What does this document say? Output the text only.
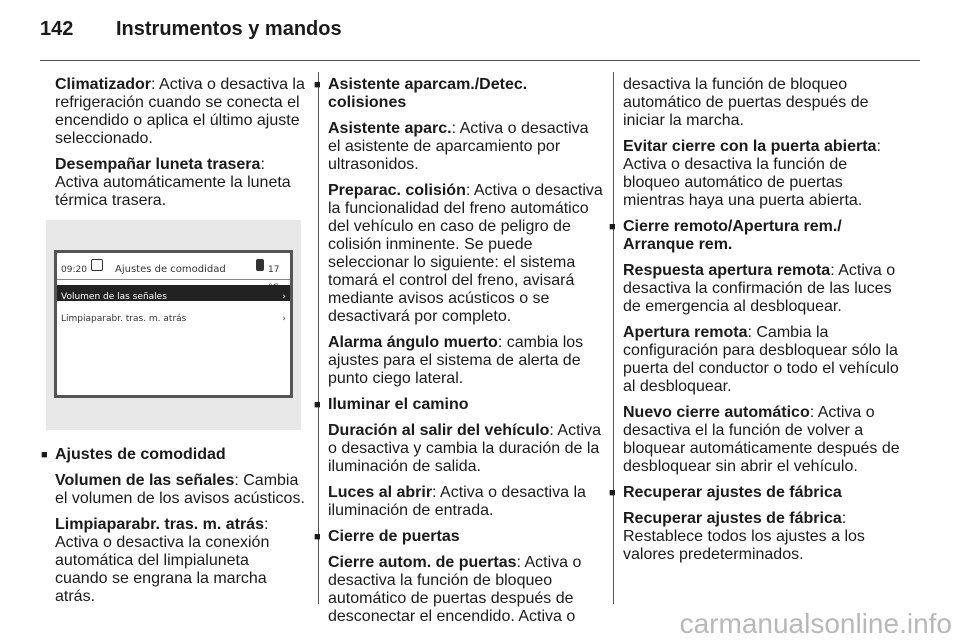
142 Instrumentos y mandos

Climatizador: Activa o desactiva la refrigeración cuando se conecta el encendido o aplica el último ajuste seleccionado.

Desempañar luneta trasera: Activa automáticamente la luneta térmica trasera.

09:20	Ajustes de comodidad	17
Volumen de las señales	›
Limpiaparabr. tras. m. atrás	›
■ Ajustes de comodidad

Volumen de las señales: Cambia el volumen de los avisos acústicos.

Limpiaparabr. tras. m. atrás: Activa o desactiva la conexión automática del limpialuneta cuando se engrana la marcha atrás.

■ Asistente aparcam./Detec. colisiones

Asistente aparc.: Activa o desactiva el asistente de aparcamiento por ultrasonidos.

Preparac. colisión: Activa o desactiva la funcionalidad del freno automático del vehículo en caso de peligro de colisión inminente. Se puede seleccionar lo siguiente: el sistema tomará el control del freno, avisará mediante avisos acústicos o se desactivará por completo.

Alarma ángulo muerto: cambia los ajustes para el sistema de alerta de punto ciego lateral.

■ Iluminar el camino

Duración al salir del vehículo: Activa o desactiva y cambia la duración de la iluminación de salida.

Luces al abrir: Activa o desactiva la iluminación de entrada.

■ Cierre de puertas

Cierre autom. de puertas: Activa o desactiva la función de bloqueo automático de puertas después de desconectar el encendido. Activa o

desactiva la función de bloqueo automático de puertas después de iniciar la marcha.

Evitar cierre con la puerta abierta: Activa o desactiva la función de bloqueo automático de puertas mientras haya una puerta abierta.

■ Cierre remoto/Apertura rem./ Arranque rem.

Respuesta apertura remota: Activa o desactiva la confirmación de las luces de emergencia al desbloquear.

Apertura remota: Cambia la configuración para desbloquear sólo la puerta del conductor o todo el vehículo al desbloquear.

Nuevo cierre automático: Activa o desactiva el la función de volver a bloquear automáticamente después de desbloquear sin abrir el vehículo.

■ Recuperar ajustes de fábrica

Recuperar ajustes de fábrica: Restablece todos los ajustes a los valores predeterminados.

carmanualsonline.info
